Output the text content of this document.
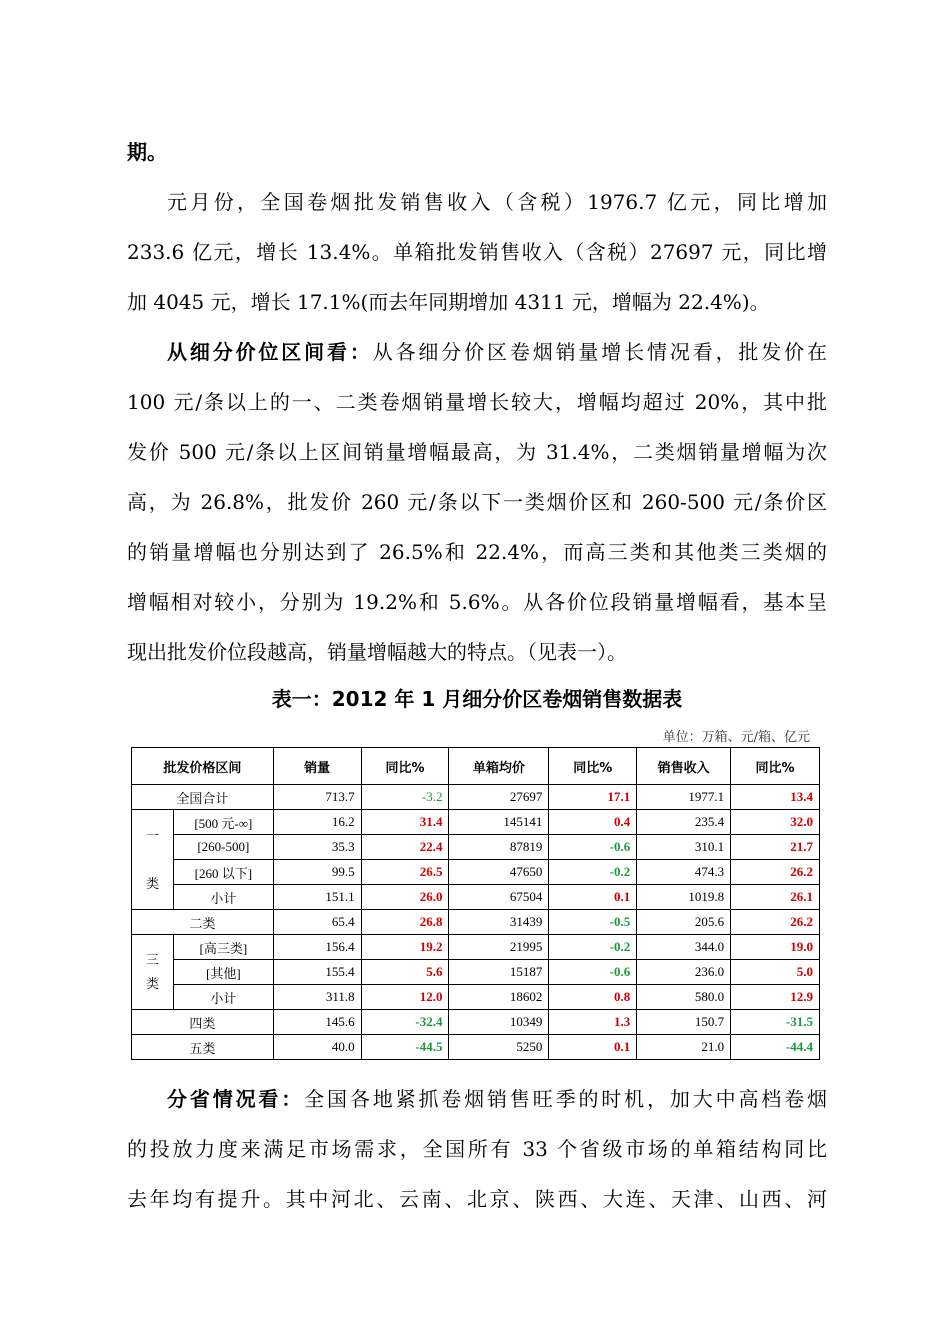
期。
元月份，全国卷烟批发销售收入（含税）1976.7 亿元，同比增加
233.6 亿元，增长 13.4%。单箱批发销售收入（含税）27697 元，同比增
加 4045 元，增长 17.1%(而去年同期增加 4311 元，增幅为 22.4%)。
从细分价位区间看：从各细分价区卷烟销量增长情况看，批发价在
100 元/条以上的一、二类卷烟销量增长较大，增幅均超过 20%，其中批
发价 500 元/条以上区间销量增幅最高，为 31.4%，二类烟销量增幅为次
高，为 26.8%，批发价 260 元/条以下一类烟价区和 260-500 元/条价区
的销量增幅也分别达到了 26.5%和 22.4%，而高三类和其他类三类烟的
增幅相对较小，分别为 19.2%和 5.6%。从各价位段销量增幅看，基本呈
现出批发价位段越高，销量增幅越大的特点。（见表一）。
表一：2012 年 1 月细分价区卷烟销售数据表
单位：万箱、元/箱、亿元
批发价格区间		销量	同比%	单箱均价	同比%	销售收入	同比%
全国合计		713.7	-3.2	27697	17.1	1977.1	13.4
一

类	[500 元-∞]	16.2	31.4	145141	0.4	235.4	32.0
	[260-500]	35.3	22.4	87819	-0.6	310.1	21.7
	[260 以下]	99.5	26.5	47650	-0.2	474.3	26.2
	小计	151.1	26.0	67504	0.1	1019.8	26.1
二类		65.4	26.8	31439	-0.5	205.6	26.2
三
类	[高三类]	156.4	19.2	21995	-0.2	344.0	19.0
	[其他]	155.4	5.6	15187	-0.6	236.0	5.0
	小计	311.8	12.0	18602	0.8	580.0	12.9
四类		145.6	-32.4	10349	1.3	150.7	-31.5
五类		40.0	-44.5	5250	0.1	21.0	-44.4
分省情况看：全国各地紧抓卷烟销售旺季的时机，加大中高档卷烟
的投放力度来满足市场需求，全国所有 33 个省级市场的单箱结构同比
去年均有提升。其中河北、云南、北京、陕西、大连、天津、山西、河
